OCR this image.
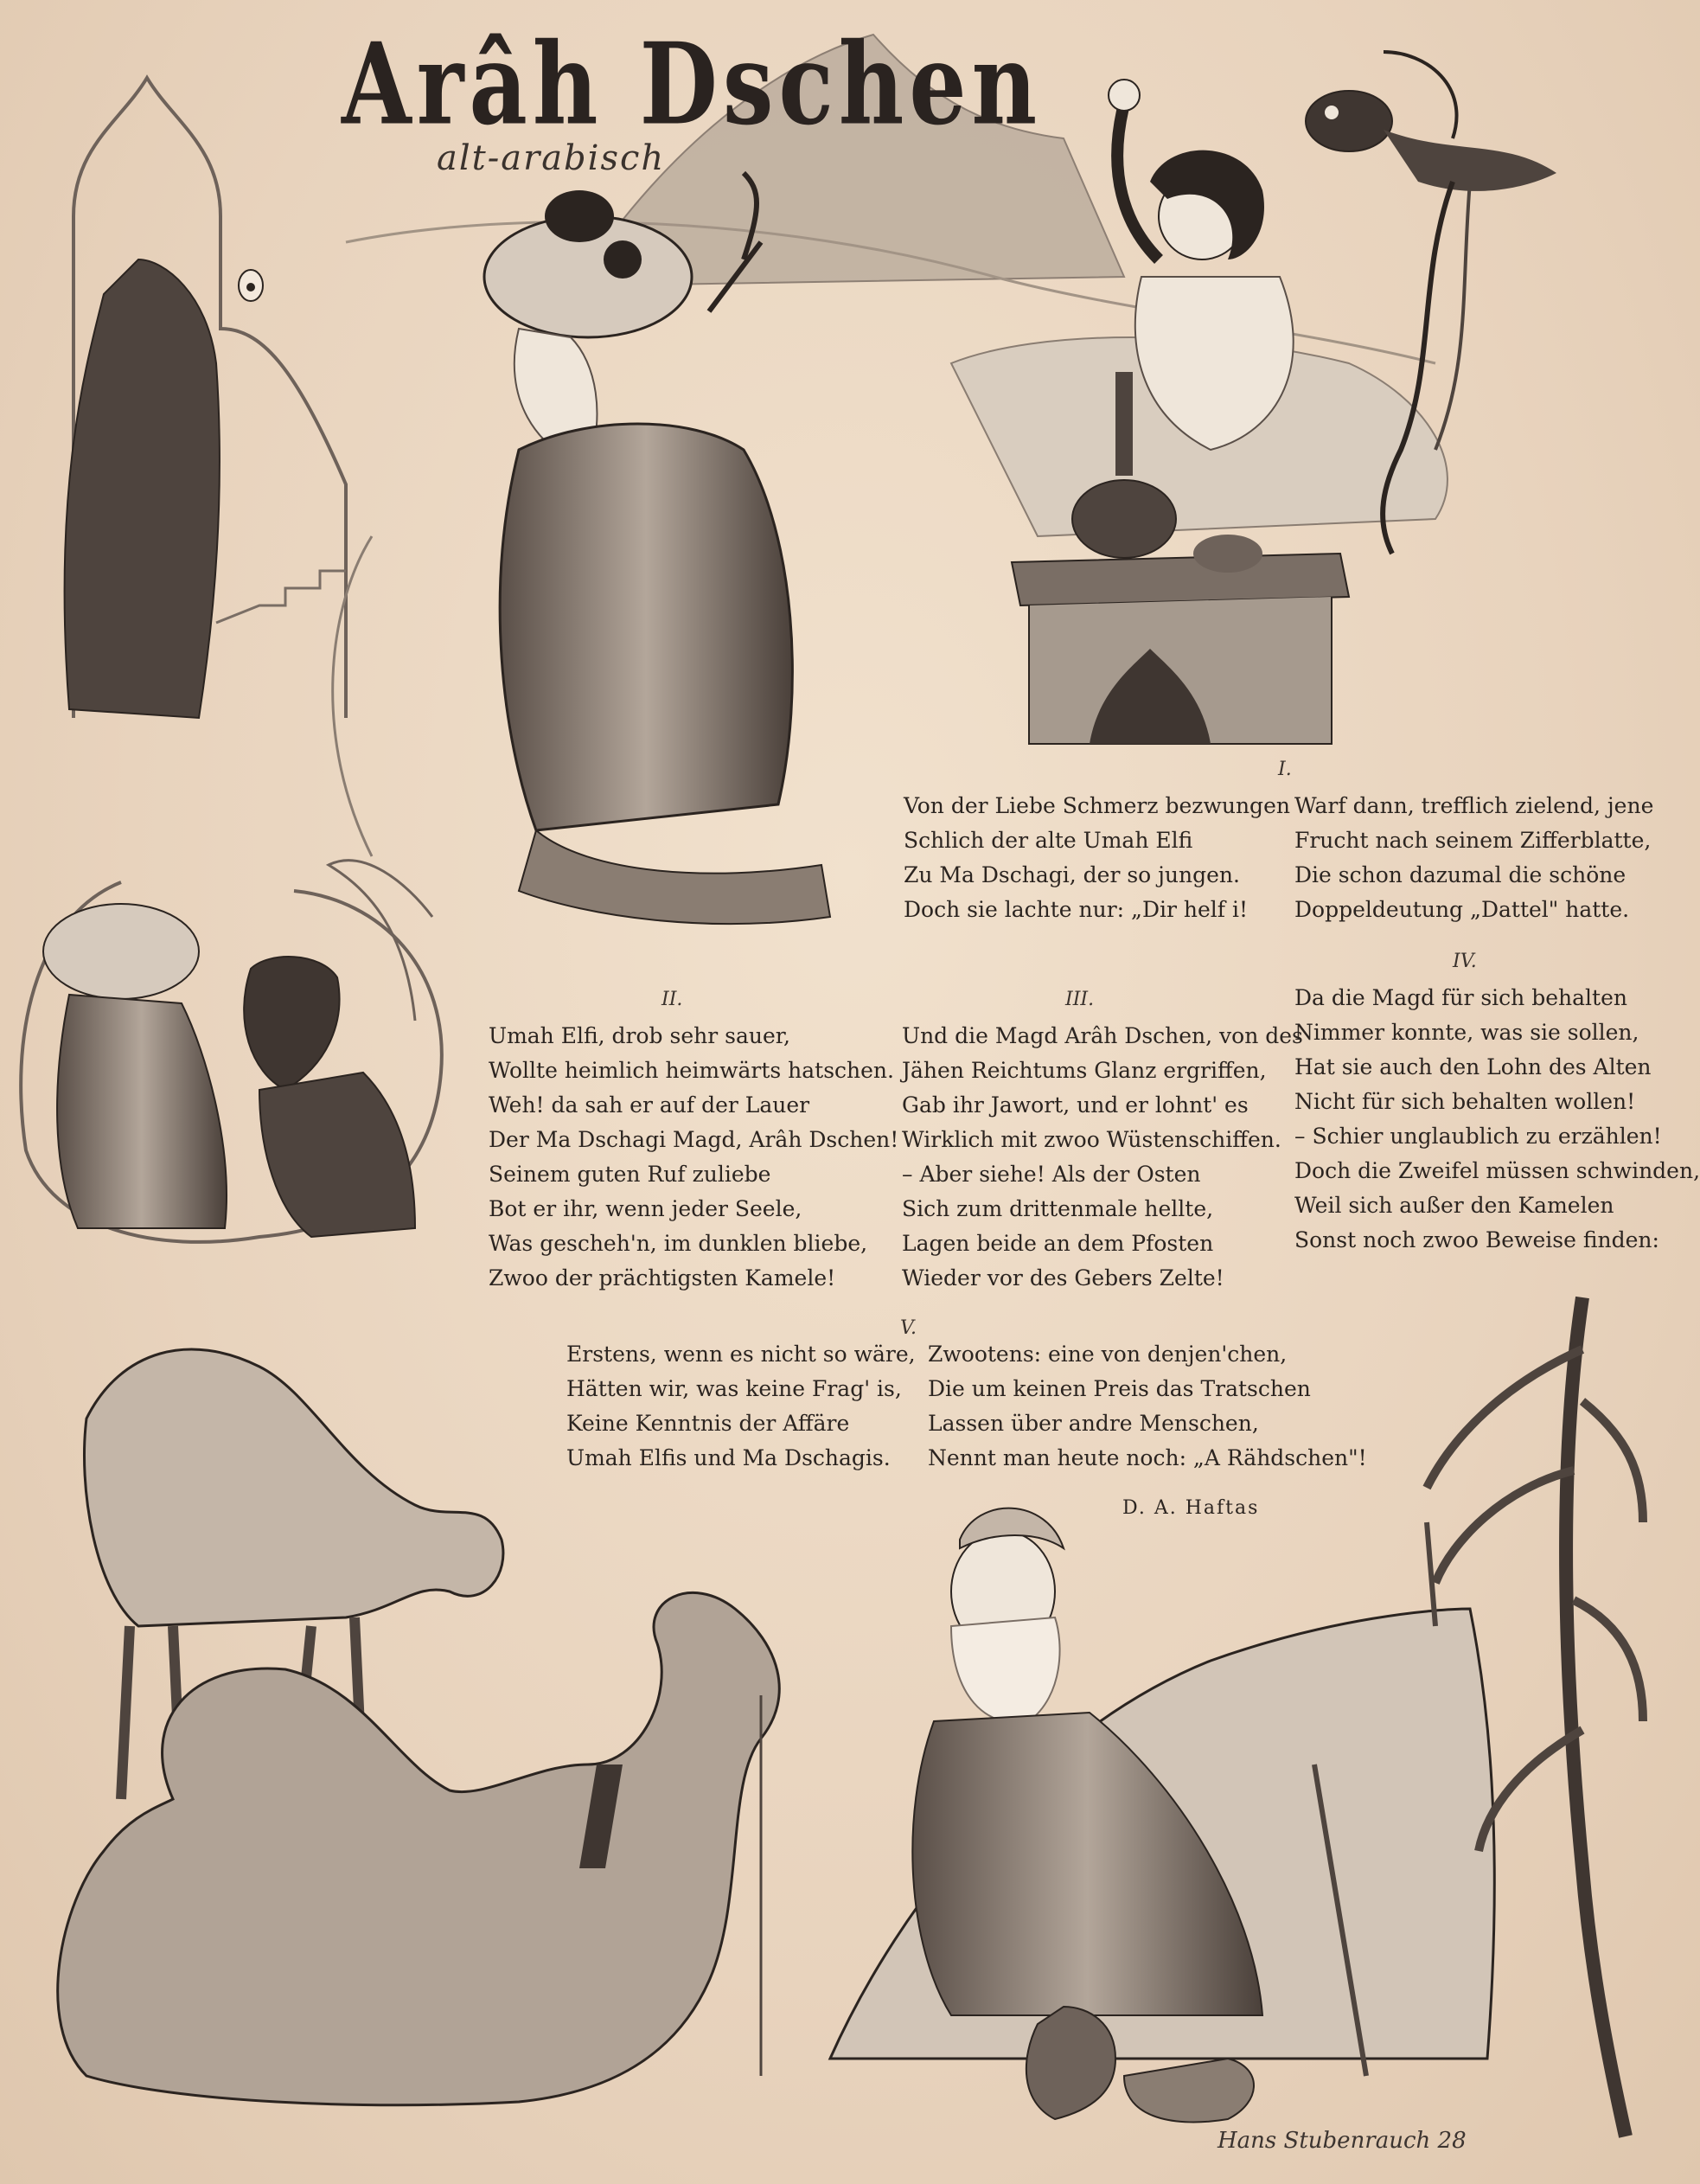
Arâh Dschen
alt-arabisch
I.
Von der Liebe Schmerz bezwungen
Schlich der alte Umah Elfi
Zu Ma Dschagi, der so jungen.
Doch sie lachte nur: „Dir helf i!
Warf dann, trefflich zielend, jene
Frucht nach seinem Zifferblatte,
Die schon dazumal die schöne
Doppeldeutung „Dattel" hatte.
II.
Umah Elfi, drob sehr sauer,
Wollte heimlich heimwärts hatschen.
Weh! da sah er auf der Lauer
Der Ma Dschagi Magd, Arâh Dschen!
Seinem guten Ruf zuliebe
Bot er ihr, wenn jeder Seele,
Was gescheh'n, im dunklen bliebe,
Zwoo der prächtigsten Kamele!
III.
Und die Magd Arâh Dschen, von des
Jähen Reichtums Glanz ergriffen,
Gab ihr Jawort, und er lohnt' es
Wirklich mit zwoo Wüstenschiffen.
– Aber siehe! Als der Osten
Sich zum drittenmale hellte,
Lagen beide an dem Pfosten
Wieder vor des Gebers Zelte!
IV.
Da die Magd für sich behalten
Nimmer konnte, was sie sollen,
Hat sie auch den Lohn des Alten
Nicht für sich behalten wollen!
– Schier unglaublich zu erzählen!
Doch die Zweifel müssen schwinden,
Weil sich außer den Kamelen
Sonst noch zwoo Beweise finden:
V.
Erstens, wenn es nicht so wäre,
Hätten wir, was keine Frag' is,
Keine Kenntnis der Affäre
Umah Elfis und Ma Dschagis.
Zwootens: eine von denjen'chen,
Die um keinen Preis das Tratschen
Lassen über andre Menschen,
Nennt man heute noch: „A Rähdschen"!
D. A. Haftas
Hans Stubenrauch 28
